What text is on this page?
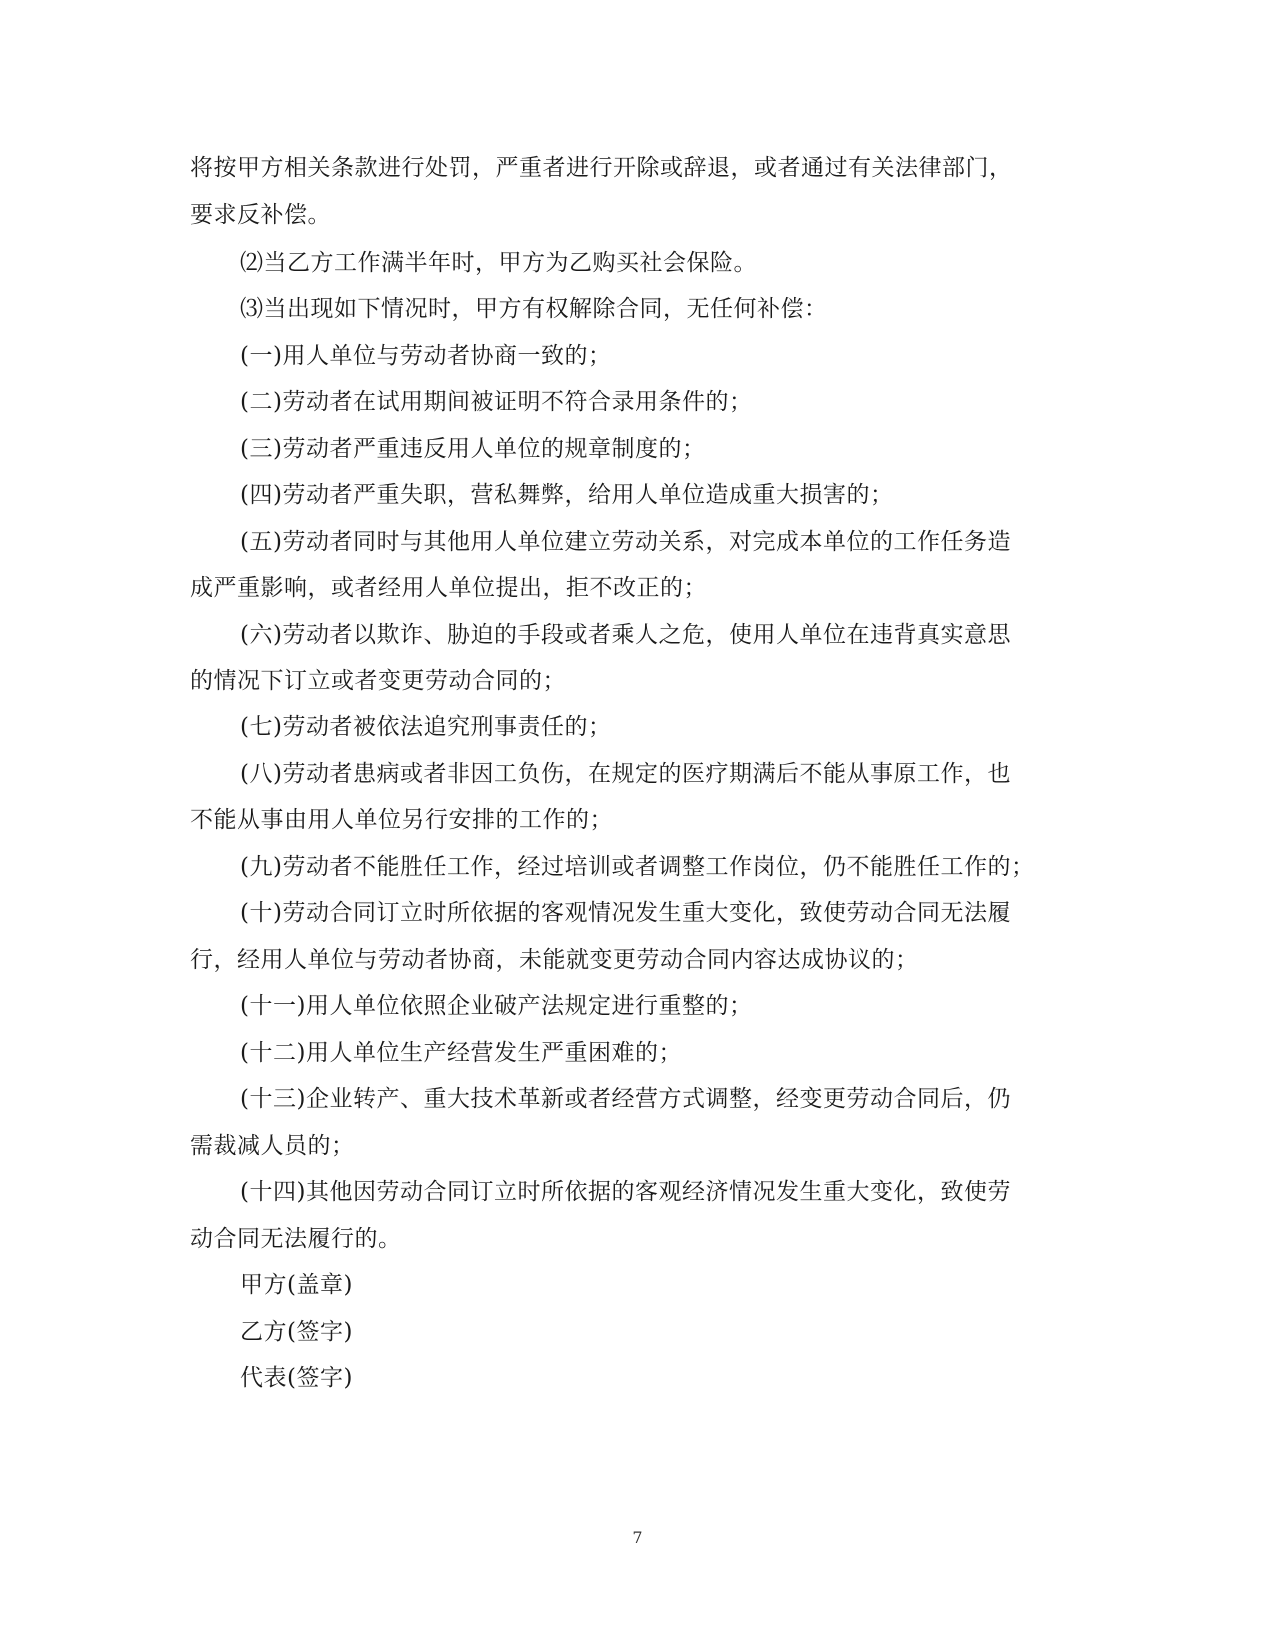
将按甲方相关条款进行处罚，严重者进行开除或辞退，或者通过有关法律部门，
要求反补偿。
⑵当乙方工作满半年时，甲方为乙购买社会保险。
⑶当出现如下情况时，甲方有权解除合同，无任何补偿：
(一)用人单位与劳动者协商一致的；
(二)劳动者在试用期间被证明不符合录用条件的；
(三)劳动者严重违反用人单位的规章制度的；
(四)劳动者严重失职，营私舞弊，给用人单位造成重大损害的；
(五)劳动者同时与其他用人单位建立劳动关系，对完成本单位的工作任务造
成严重影响，或者经用人单位提出，拒不改正的；
(六)劳动者以欺诈、胁迫的手段或者乘人之危，使用人单位在违背真实意思
的情况下订立或者变更劳动合同的；
(七)劳动者被依法追究刑事责任的；
(八)劳动者患病或者非因工负伤，在规定的医疗期满后不能从事原工作，也
不能从事由用人单位另行安排的工作的；
(九)劳动者不能胜任工作，经过培训或者调整工作岗位，仍不能胜任工作的；
(十)劳动合同订立时所依据的客观情况发生重大变化，致使劳动合同无法履
行，经用人单位与劳动者协商，未能就变更劳动合同内容达成协议的；
(十一)用人单位依照企业破产法规定进行重整的；
(十二)用人单位生产经营发生严重困难的；
(十三)企业转产、重大技术革新或者经营方式调整，经变更劳动合同后，仍
需裁减人员的；
(十四)其他因劳动合同订立时所依据的客观经济情况发生重大变化，致使劳
动合同无法履行的。
甲方(盖章)
乙方(签字)
代表(签字)
7
